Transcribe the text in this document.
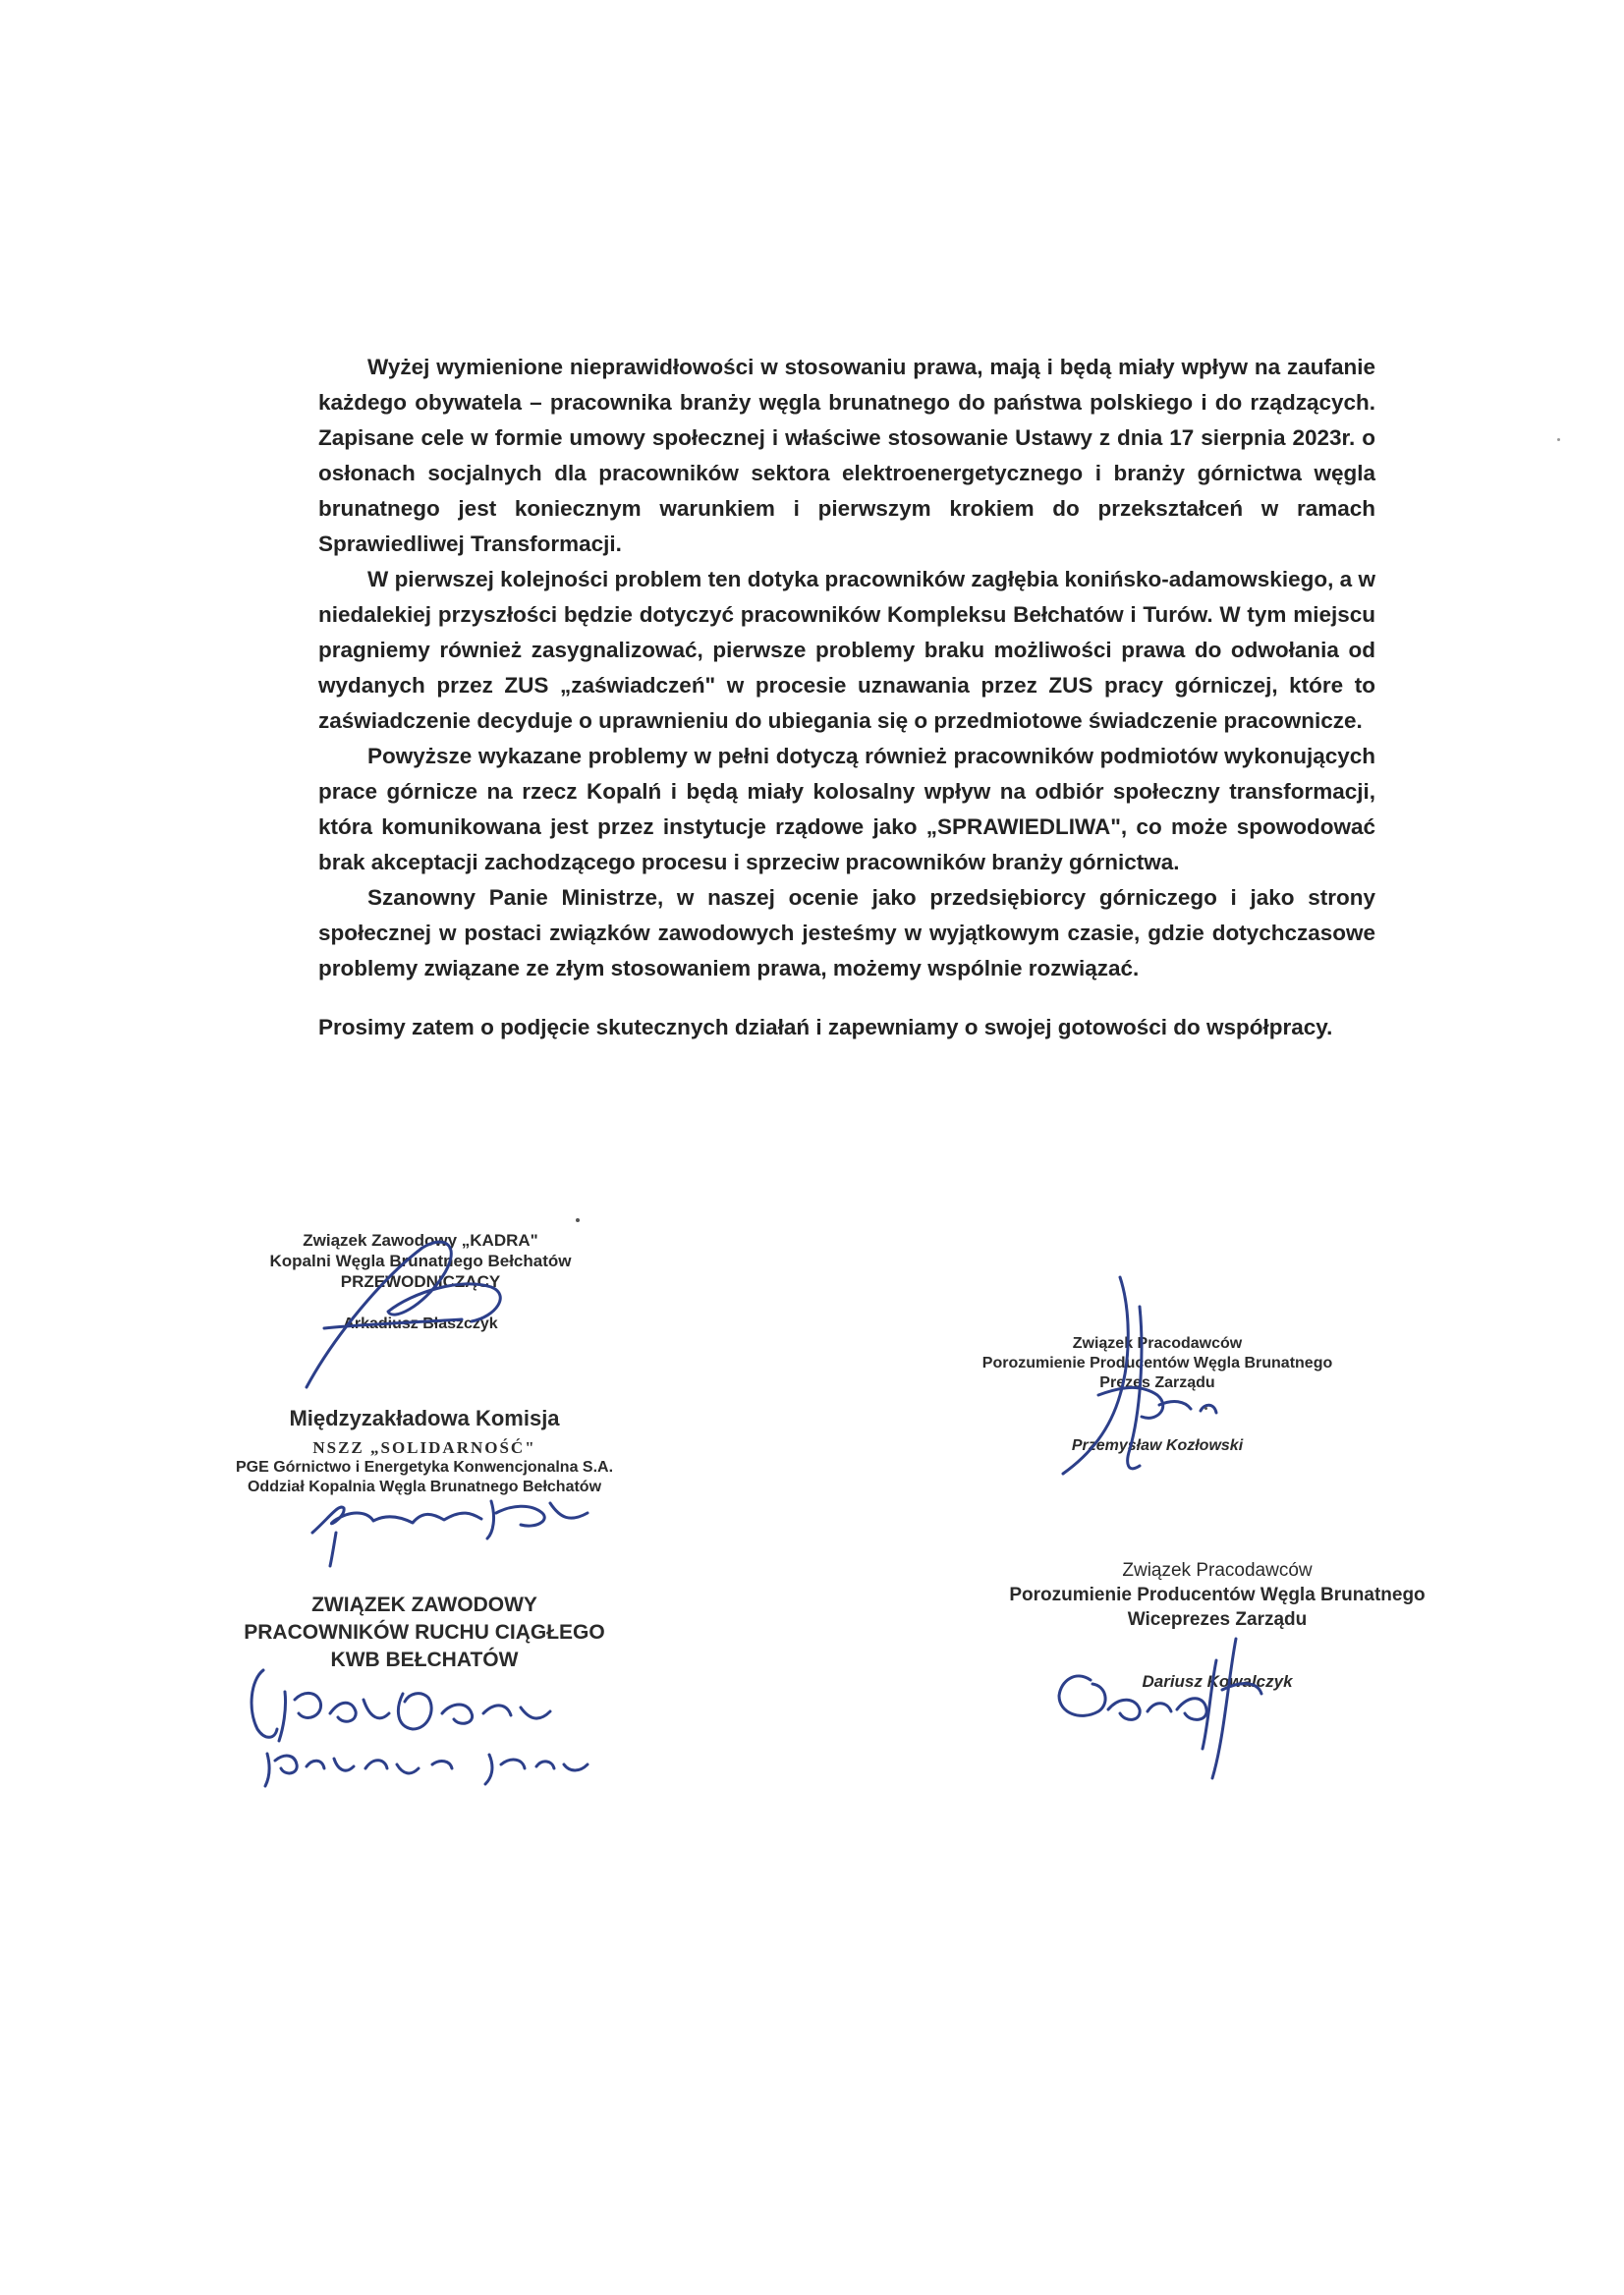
Wyżej wymienione nieprawidłowości w stosowaniu prawa, mają i będą miały wpływ na zaufanie każdego obywatela – pracownika branży węgla brunatnego do państwa polskiego i do rządzących. Zapisane cele w formie umowy społecznej i właściwe stosowanie Ustawy z dnia 17 sierpnia 2023r. o osłonach socjalnych dla pracowników sektora elektroenergetycznego i branży górnictwa węgla brunatnego jest koniecznym warunkiem i pierwszym krokiem do przekształceń w ramach Sprawiedliwej Transformacji.

W pierwszej kolejności problem ten dotyka pracowników zagłębia konińsko-adamowskiego, a w niedalekiej przyszłości będzie dotyczyć pracowników Kompleksu Bełchatów i Turów. W tym miejscu pragniemy również zasygnalizować, pierwsze problemy braku możliwości prawa do odwołania od wydanych przez ZUS „zaświadczeń" w procesie uznawania przez ZUS pracy górniczej, które to zaświadczenie decyduje o uprawnieniu do ubiegania się o przedmiotowe świadczenie pracownicze.

Powyższe wykazane problemy w pełni dotyczą również pracowników podmiotów wykonujących prace górnicze na rzecz Kopalń i będą miały kolosalny wpływ na odbiór społeczny transformacji, która komunikowana jest przez instytucje rządowe jako „SPRAWIEDLIWA", co może spowodować brak akceptacji zachodzącego procesu i sprzeciw pracowników branży górnictwa.

Szanowny Panie Ministrze, w naszej ocenie jako przedsiębiorcy górniczego i jako strony społecznej w postaci związków zawodowych jesteśmy w wyjątkowym czasie, gdzie dotychczasowe problemy związane ze złym stosowaniem prawa, możemy wspólnie rozwiązać.

Prosimy zatem o podjęcie skutecznych działań i zapewniamy o swojej gotowości do współpracy.

Związek Zawodowy „KADRA"
Kopalni Węgla Brunatnego Bełchatów
PRZEWODNICZĄCY
Arkadiusz Błaszczyk
Międzyzakładowa Komisja
NSZZ „SOLIDARNOŚĆ"
PGE Górnictwo i Energetyka Konwencjonalna S.A.
Oddział Kopalnia Węgla Brunatnego Bełchatów
ZWIĄZEK ZAWODOWY
PRACOWNIKÓW RUCHU CIĄGŁEGO
KWB BEŁCHATÓW
Związek Pracodawców
Porozumienie Producentów Węgla Brunatnego
Prezes Zarządu
Przemysław Kozłowski
Związek Pracodawców
Porozumienie Producentów Węgla Brunatnego
Wiceprezes Zarządu
Dariusz Kowalczyk
